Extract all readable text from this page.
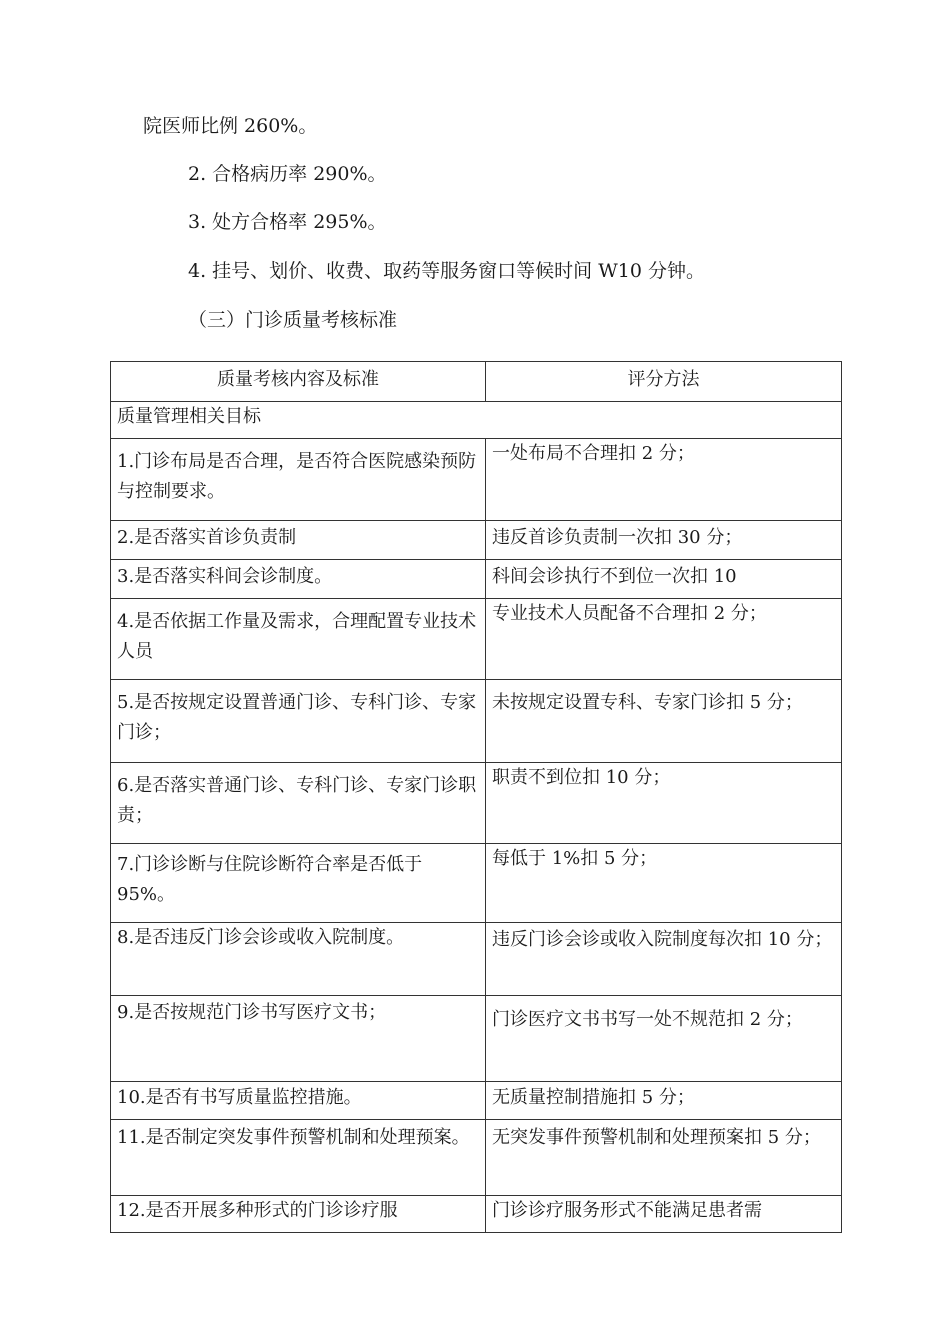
院医师比例 260%。
2. 合格病历率 290%。
3. 处方合格率 295%。
4. 挂号、划价、收费、取药等服务窗口等候时间 W10 分钟。
（三）门诊质量考核标准
质量考核内容及标准	评分方法
质量管理相关目标	
1.门诊布局是否合理，是否符合医院感染预防与控制要求。	一处布局不合理扣 2 分；
2.是否落实首诊负责制	违反首诊负责制一次扣 30 分；
3.是否落实科间会诊制度。	科间会诊执行不到位一次扣 10

4.是否依据工作量及需求，合理配置专业技术人员	专业技术人员配备不合理扣 2 分；
5.是否按规定设置普通门诊、专科门诊、专家门诊；	未按规定设置专科、专家门诊扣 5 分；
6.是否落实普通门诊、专科门诊、专家门诊职责；	职责不到位扣 10 分；
7.门诊诊断与住院诊断符合率是否低于 95%。	每低于 1%扣 5 分；
8.是否违反门诊会诊或收入院制度。	违反门诊会诊或收入院制度每次扣 10 分；
9.是否按规范门诊书写医疗文书；	门诊医疗文书书写一处不规范扣 2 分；
10.是否有书写质量监控措施。	无质量控制措施扣 5 分；
11.是否制定突发事件预警机制和处理预案。	无突发事件预警机制和处理预案扣 5 分；
12.是否开展多种形式的门诊诊疗服	门诊诊疗服务形式不能满足患者需
